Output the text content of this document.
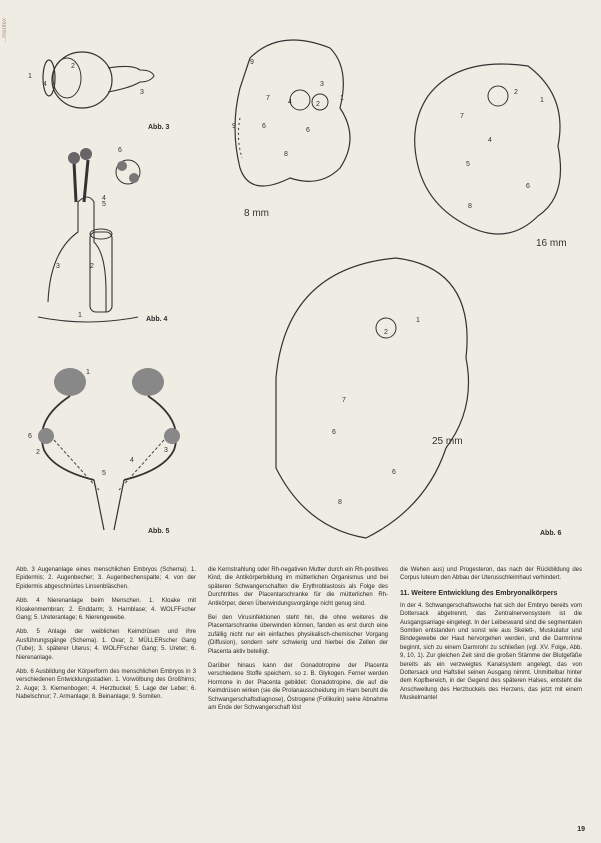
...mentex
1
4
2
3
Abb. 3
6
5
4
3	2
1
Abb. 4
1
6
2	3
4
5
Abb. 5
9
7
4
3
2
1
9	6
6
8
8 mm
2
1
7
4
5
6
8
16 mm
1
2
7
6
6
8
25 mm
Abb. 6

Abb. 3 Augenanlage eines menschlichen Embryos (Schema). 1. Epidermis; 2. Augenbecher; 3. Augenbechenspalte; 4. von der Epidermis abgeschnürtes Linsenbläschen.

Abb. 4 Nierenanlage beim Menschen. 1. Kloake mit Kloakenmembran; 2. Enddarm; 3. Harnblase; 4. WOLFFscher Gang; 5. Ureteranlage; 6. Nierengewebe.

Abb. 5 Anlage der weiblichen Keimdrüsen und ihre Ausführungsgänge (Schema). 1. Ovar; 2. MÜLLERscher Gang (Tube); 3. späterer Uterus; 4. WOLFFscher Gang; 5. Ureter; 6. Nierenanlage.

Abb. 6 Ausbildung der Körperform des menschlichen Embryos in 3 verschiedenen Entwicklungsstadien. 1. Vorwölbung des Großhirns; 2. Auge; 3. Kiemenbogen; 4. Herzbuckel; 5. Lage der Leber; 6. Nabelschnur; 7. Armanlage; 8. Beinanlage; 9. Somiten.

die Kernstrahlung oder Rh-negativen Mutter durch ein Rh-positives Kind, die Antikörperbildung im mütterlichen Organismus und bei späteren Schwangerschaften die Erythroblastosis als Folge des Durchtrittes der Placentarschranke für die mütterlichen Rh-Antikörper, deren Überwindungsvorgänge nicht genug sind.

Bei den Virusinfektionen steht hin, die ohne weiteres die Placentarschranke überwinden können, fanden es erst durch eine zufällig nicht nur ein einfaches physikalisch-chemischer Vorgang (Diffusion), sondern sehr schwierig und hierbei die Zellen der Placenta aktiv beteiligt.

Darüber hinaus kann der Gonadotropine der Placenta verschiedene Stoffe speichern, so z. B. Glykogen. Ferner werden Hormone in der Placenta gebildet: Gonadotropine, die auf die Keimdrüsen wirken (sie die Prolanausscheidung im Harn beruht die Schwangerschaftsdiagnose), Östrogene (Follikulin) seine Abnahme am Ende der Schwangerschaft löst

die Wehen aus) und Progesteron, das nach der Rückbildung des Corpus luteum den Abbau der Uterusschleimhaut verhindert.

11. Weitere Entwicklung des Embryonalkörpers

In der 4. Schwangerschaftswoche hat sich der Embryo bereits vom Dottersack abgetrennt, das Zentralnervensystem ist die Ausgangsanlage eingelegt. In der Leibeswand sind die segmentalen Somiten entstanden und sonst wie aus Skelett-, Muskulatur und Bindegewebe der Haut hervorgehen werden, und die Darmrinne beginnt, sich zu einem Darmrohr zu schließen (vgl. XV. Folge, Abb. 9, 10, 1). Zur gleichen Zeit sind die großen Stämme der Blutgefäße bereits als ein verzweigtes Kanalsystem angelegt, das von Dottersack und Haftstiel seinen Ausgang nimmt. Unmittelbar hinter dem Kopfbereich, in der Gegend des späteren Halses, entsteht die Anschwellung des Herzbuckels des Herzens, das jetzt mit einem Muskelmantel

19
